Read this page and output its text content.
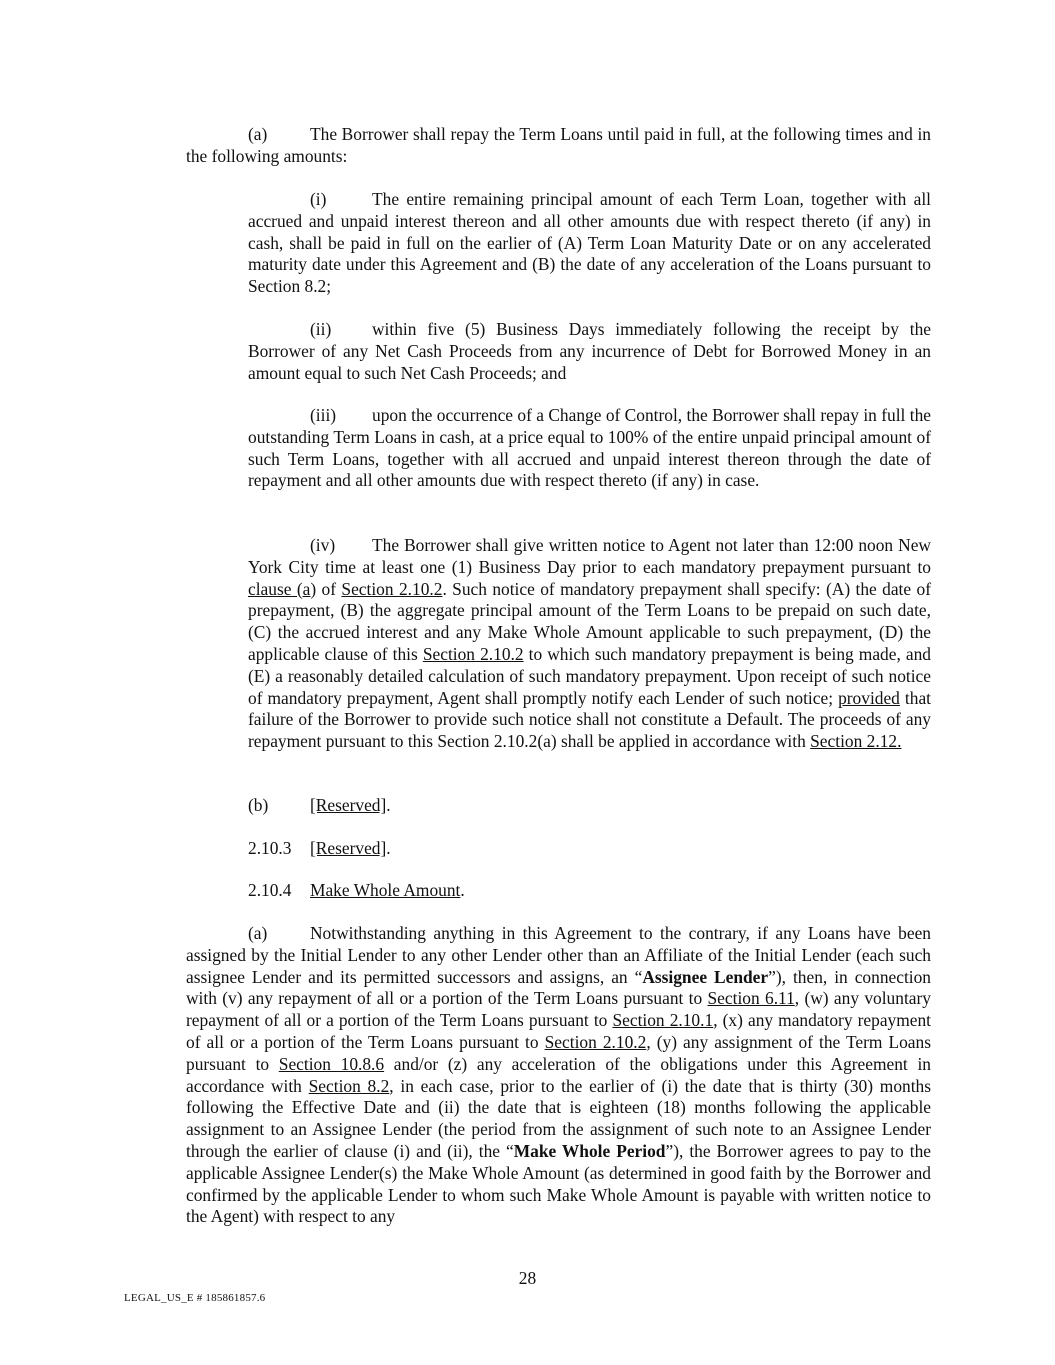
(a) The Borrower shall repay the Term Loans until paid in full, at the following times and in the following amounts:

(i)	The entire remaining principal amount of each Term Loan, together with all accrued and unpaid interest thereon and all other amounts due with respect thereto (if any) in cash, shall be paid in full on the earlier of (A) Term Loan Maturity Date or on any accelerated maturity date under this Agreement and (B) the date of any acceleration of the Loans pursuant to Section 8.2;

(ii) within five (5) Business Days immediately following the receipt by the Borrower of any Net Cash Proceeds from any incurrence of Debt for Borrowed Money in an amount equal to such Net Cash Proceeds; and

(iii) upon the occurrence of a Change of Control, the Borrower shall repay in full the outstanding Term Loans in cash, at a price equal to 100% of the entire unpaid principal amount of such Term Loans, together with all accrued and unpaid interest thereon through the date of repayment and all other amounts due with respect thereto (if any) in case.

(iv) The Borrower shall give written notice to Agent not later than 12:00 noon New York City time at least one (1) Business Day prior to each mandatory prepayment pursuant to clause (a) of Section 2.10.2. Such notice of mandatory prepayment shall specify: (A) the date of prepayment, (B) the aggregate principal amount of the Term Loans to be prepaid on such date, (C) the accrued interest and any Make Whole Amount applicable to such prepayment, (D) the applicable clause of this Section 2.10.2 to which such mandatory prepayment is being made, and (E) a reasonably detailed calculation of such mandatory prepayment. Upon receipt of such notice of mandatory prepayment, Agent shall promptly notify each Lender of such notice; provided that failure of the Borrower to provide such notice shall not constitute a Default. The proceeds of any repayment pursuant to this Section 2.10.2(a) shall be applied in accordance with Section 2.12.

(b) [Reserved].

2.10.3 [Reserved].

2.10.4 Make Whole Amount.

(a) Notwithstanding anything in this Agreement to the contrary, if any Loans have been assigned by the Initial Lender to any other Lender other than an Affiliate of the Initial Lender (each such assignee Lender and its permitted successors and assigns, an “Assignee Lender”), then, in connection with (v) any repayment of all or a portion of the Term Loans pursuant to Section 6.11, (w) any voluntary repayment of all or a portion of the Term Loans pursuant to Section 2.10.1, (x) any mandatory repayment of all or a portion of the Term Loans pursuant to Section 2.10.2, (y) any assignment of the Term Loans pursuant to Section 10.8.6 and/or (z) any acceleration of the obligations under this Agreement in accordance with Section 8.2, in each case, prior to the earlier of (i) the date that is thirty (30) months following the Effective Date and (ii) the date that is eighteen (18) months following the applicable assignment to an Assignee Lender (the period from the assignment of such note to an Assignee Lender through the earlier of clause (i) and (ii), the “Make Whole Period”), the Borrower agrees to pay to the applicable Assignee Lender(s) the Make Whole Amount (as determined in good faith by the Borrower and confirmed by the applicable Lender to whom such Make Whole Amount is payable with written notice to the Agent) with respect to any

28
LEGAL_US_E # 185861857.6
